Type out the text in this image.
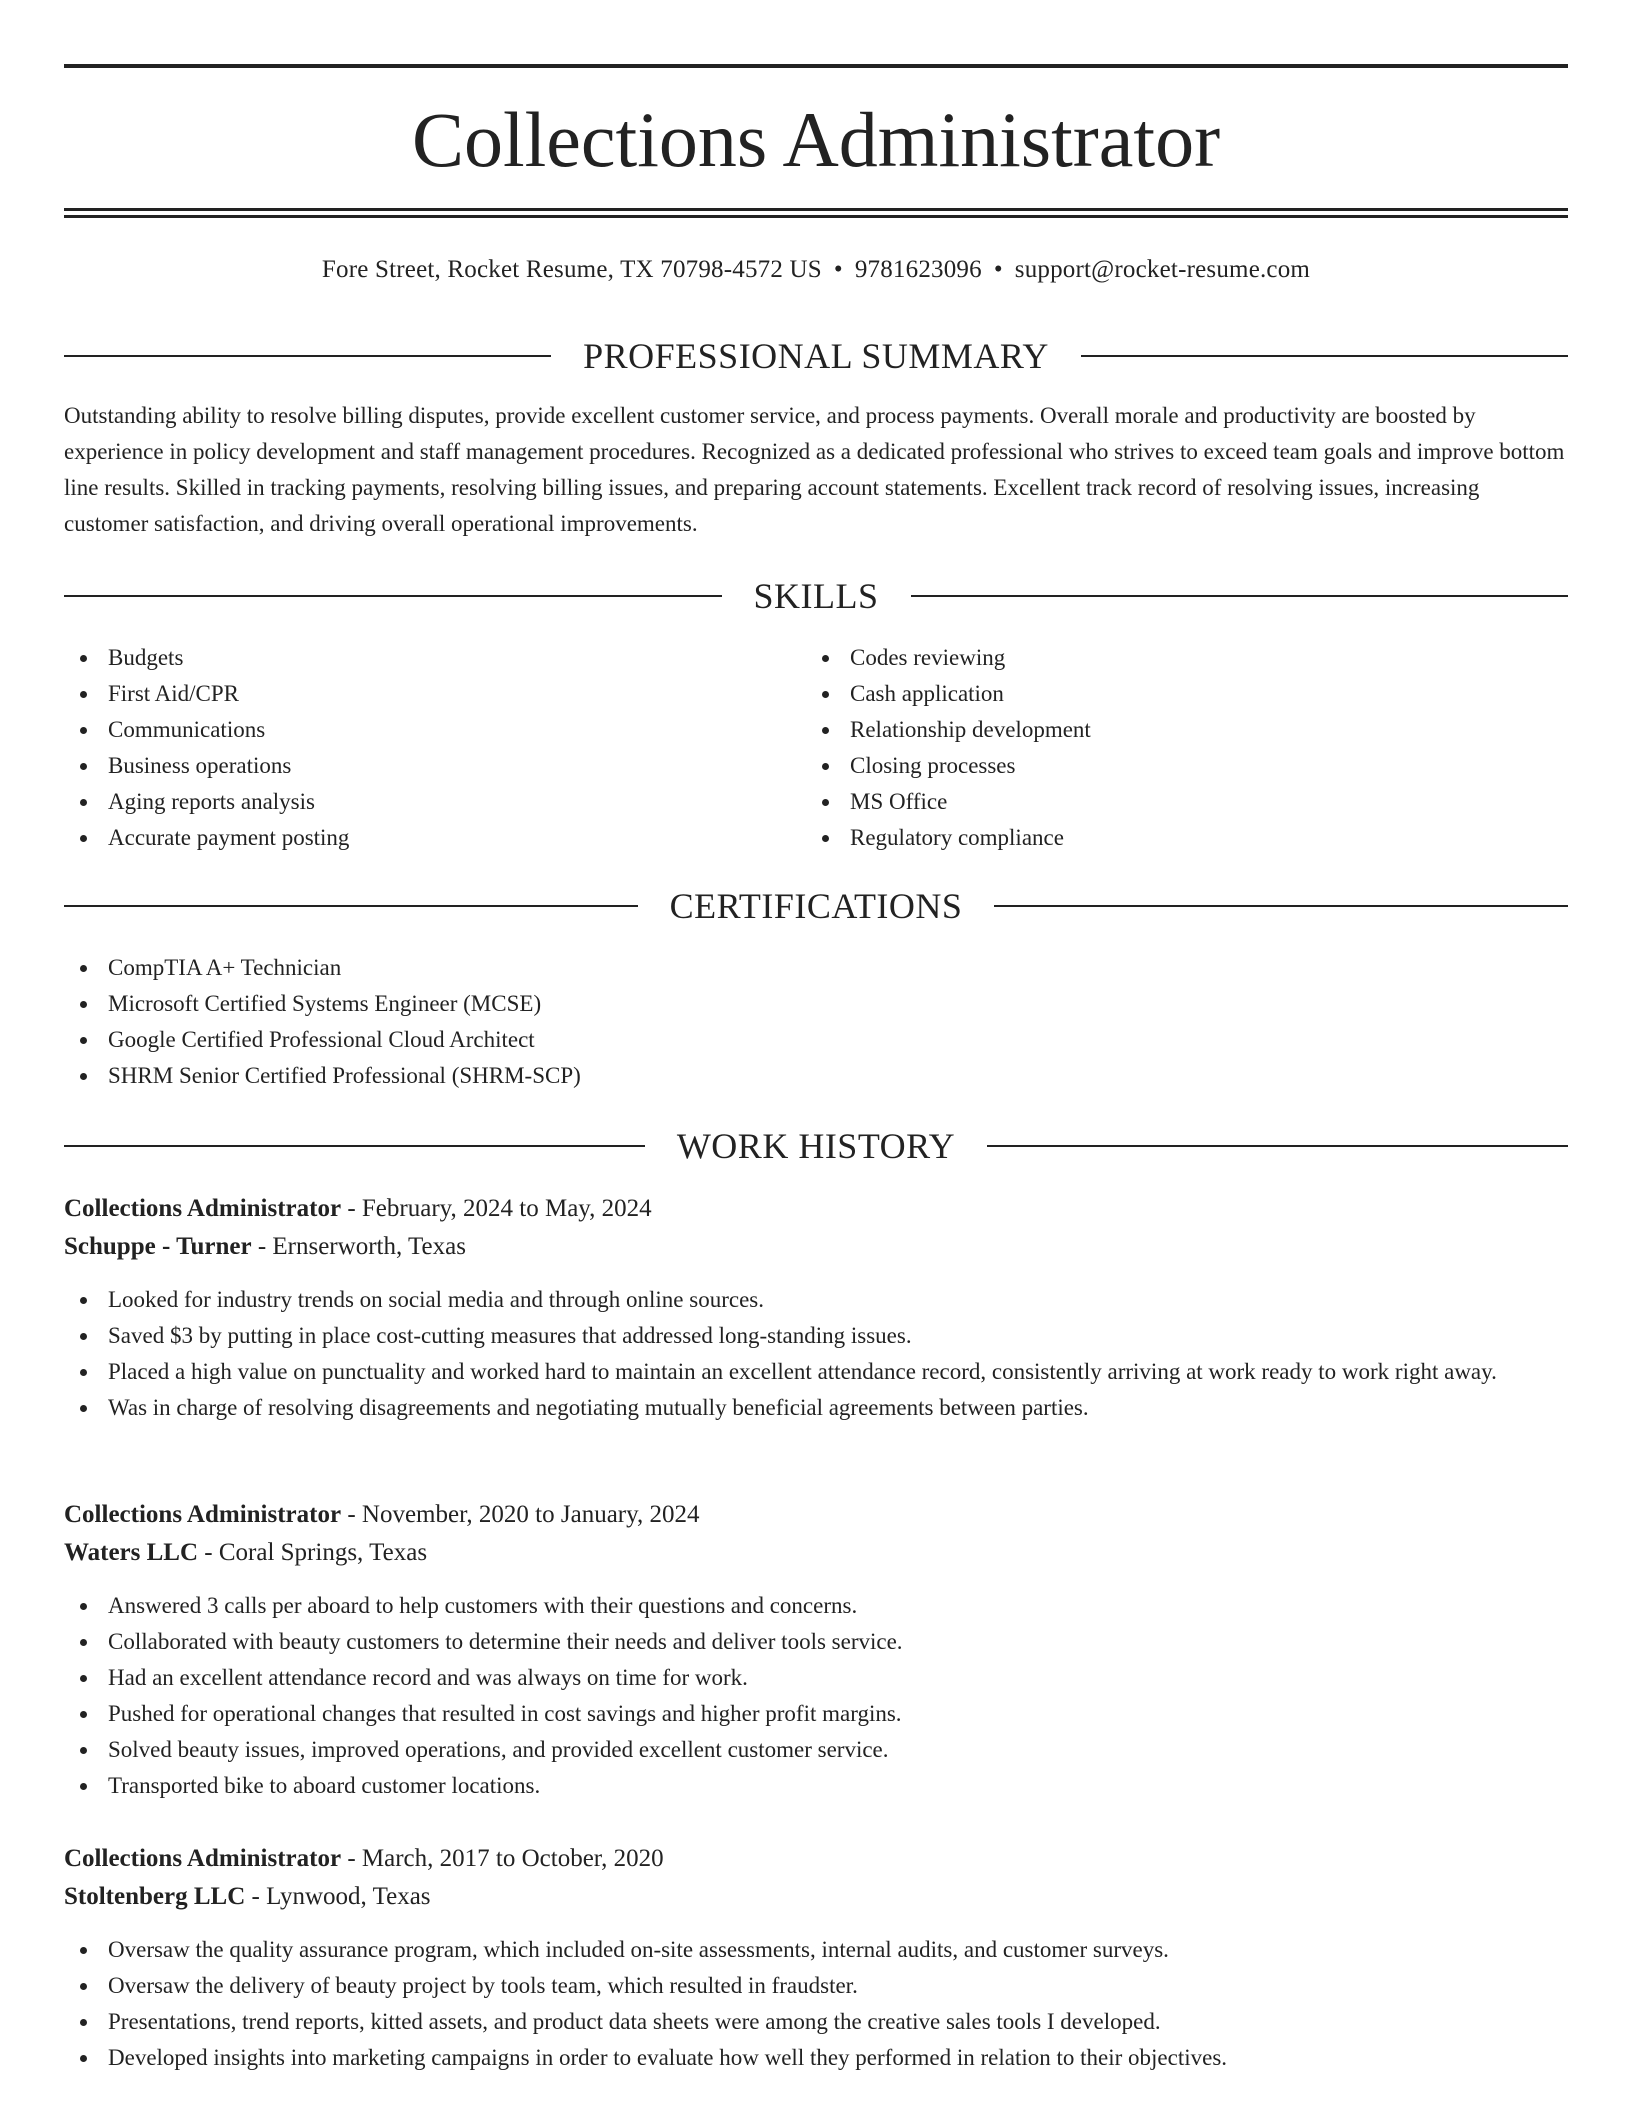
Collections Administrator
Fore Street, Rocket Resume, TX 70798-4572 US • 9781623096 • support@rocket-resume.com
PROFESSIONAL SUMMARY

Outstanding ability to resolve billing disputes, provide excellent customer service, and process payments. Overall morale and productivity are boosted by experience in policy development and staff management procedures. Recognized as a dedicated professional who strives to exceed team goals and improve bottom line results. Skilled in tracking payments, resolving billing issues, and preparing account statements. Excellent track record of resolving issues, increasing customer satisfaction, and driving overall operational improvements.

SKILLS
Budgets
First Aid/CPR
Communications
Business operations
Aging reports analysis
Accurate payment posting
Codes reviewing
Cash application
Relationship development
Closing processes
MS Office
Regulatory compliance
CERTIFICATIONS
CompTIA A+ Technician
Microsoft Certified Systems Engineer (MCSE)
Google Certified Professional Cloud Architect
SHRM Senior Certified Professional (SHRM-SCP)
WORK HISTORY

Collections Administrator - February, 2024 to May, 2024

Schuppe - Turner - Ernserworth, Texas

Looked for industry trends on social media and through online sources.
Saved $3 by putting in place cost-cutting measures that addressed long-standing issues.
Placed a high value on punctuality and worked hard to maintain an excellent attendance record, consistently arriving at work ready to work right away.
Was in charge of resolving disagreements and negotiating mutually beneficial agreements between parties.

Collections Administrator - November, 2020 to January, 2024

Waters LLC - Coral Springs, Texas

Answered 3 calls per aboard to help customers with their questions and concerns.
Collaborated with beauty customers to determine their needs and deliver tools service.
Had an excellent attendance record and was always on time for work.
Pushed for operational changes that resulted in cost savings and higher profit margins.
Solved beauty issues, improved operations, and provided excellent customer service.
Transported bike to aboard customer locations.

Collections Administrator - March, 2017 to October, 2020

Stoltenberg LLC - Lynwood, Texas

Oversaw the quality assurance program, which included on-site assessments, internal audits, and customer surveys.
Oversaw the delivery of beauty project by tools team, which resulted in fraudster.
Presentations, trend reports, kitted assets, and product data sheets were among the creative sales tools I developed.
Developed insights into marketing campaigns in order to evaluate how well they performed in relation to their objectives.
